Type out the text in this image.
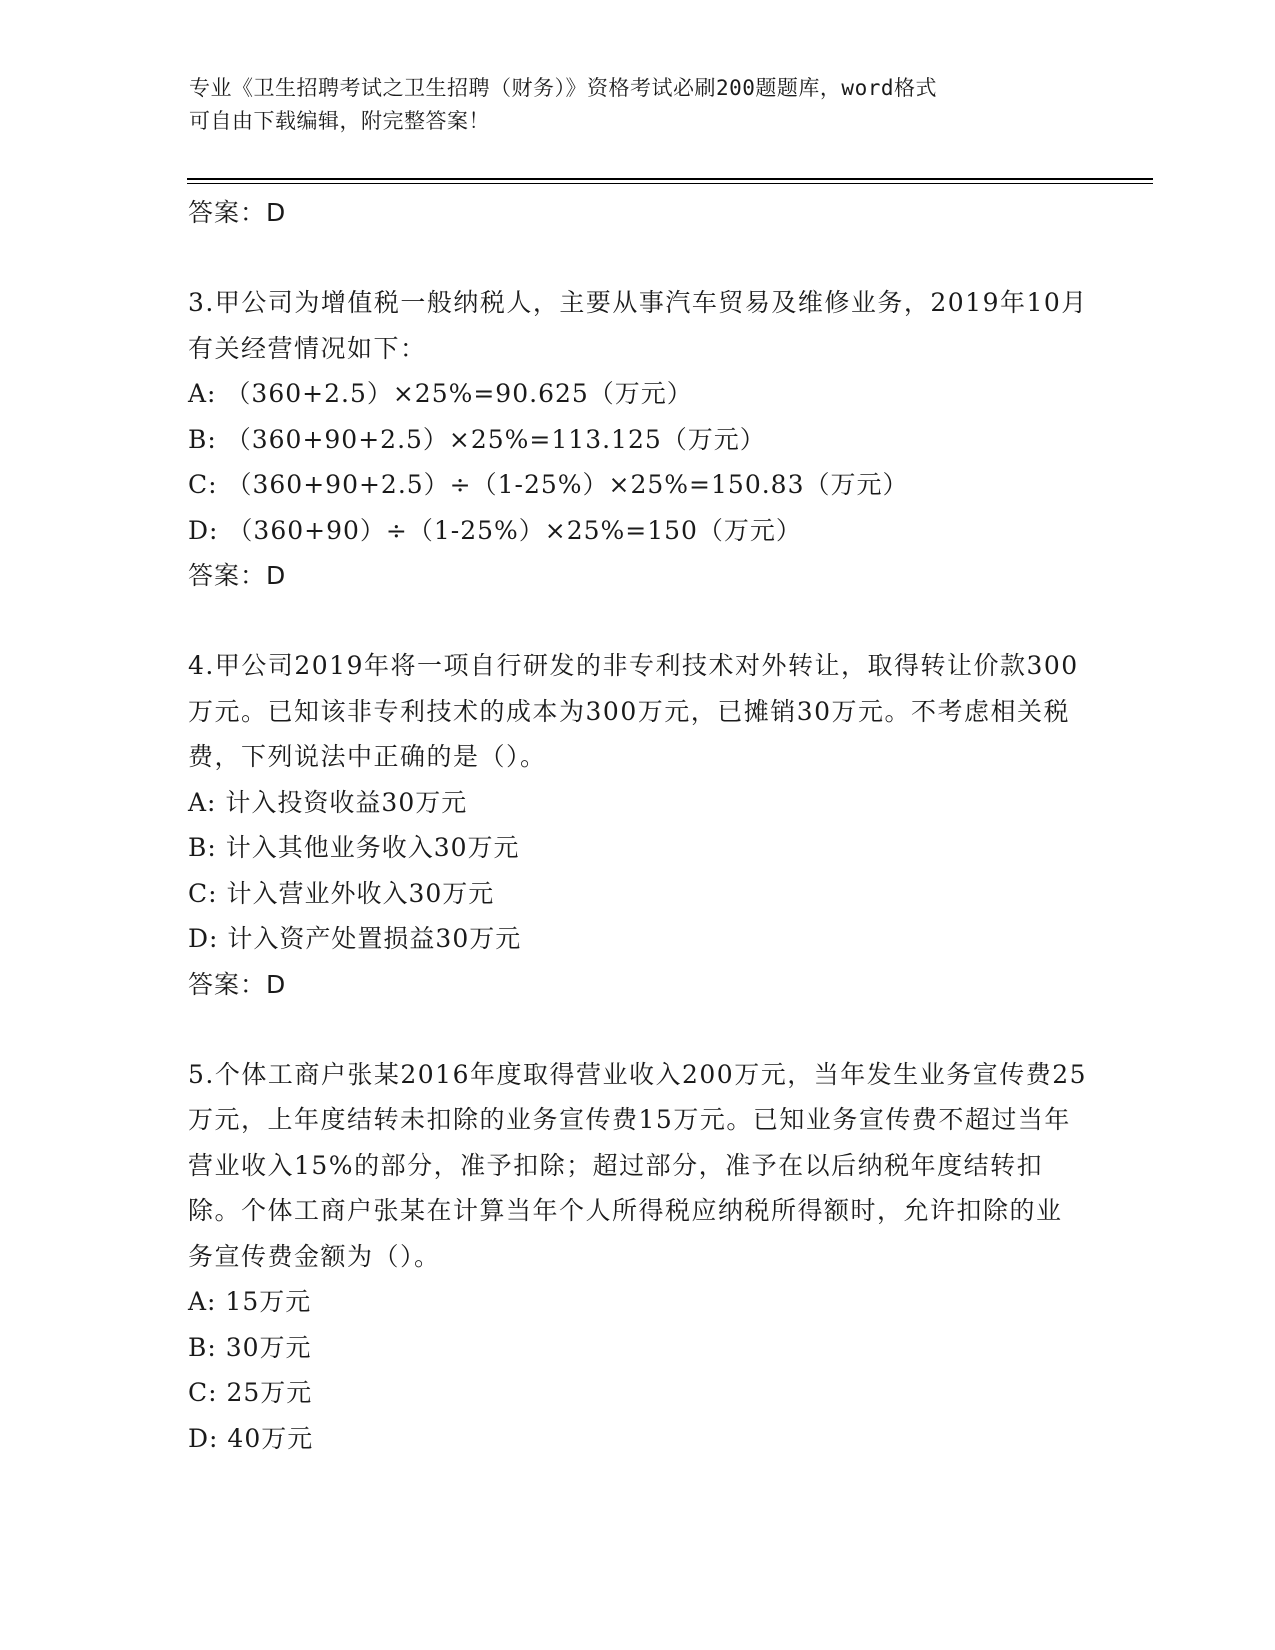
专业《卫生招聘考试之卫生招聘（财务）》资格考试必刷200题题库，word格式
可自由下载编辑，附完整答案！
答案：D
3.甲公司为增值税一般纳税人，主要从事汽车贸易及维修业务，2019年10月有关经营情况如下：
A: （360+2.5）×25%=90.625（万元）
B: （360+90+2.5）×25%=113.125（万元）
C: （360+90+2.5）÷（1-25%）×25%=150.83（万元）
D: （360+90）÷（1-25%）×25%=150（万元）
答案：D
4.甲公司2019年将一项自行研发的非专利技术对外转让，取得转让价款300万元。已知该非专利技术的成本为300万元，已摊销30万元。不考虑相关税费，下列说法中正确的是（）。
A: 计入投资收益30万元
B: 计入其他业务收入30万元
C: 计入营业外收入30万元
D: 计入资产处置损益30万元
答案：D
5.个体工商户张某2016年度取得营业收入200万元，当年发生业务宣传费25万元，上年度结转未扣除的业务宣传费15万元。已知业务宣传费不超过当年营业收入15%的部分，准予扣除；超过部分，准予在以后纳税年度结转扣除。个体工商户张某在计算当年个人所得税应纳税所得额时，允许扣除的业务宣传费金额为（）。
A: 15万元
B: 30万元
C: 25万元
D: 40万元
